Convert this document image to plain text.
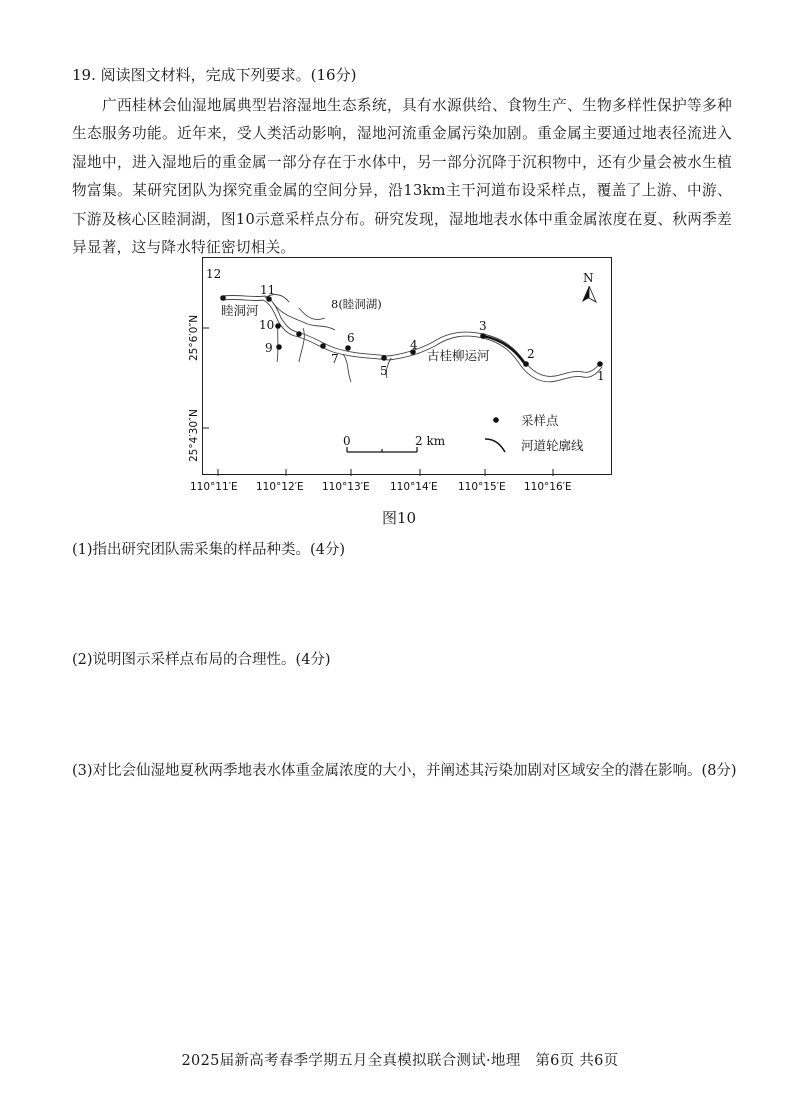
19. 阅读图文材料，完成下列要求。(16分)
广西桂林会仙湿地属典型岩溶湿地生态系统，具有水源供给、食物生产、生物多样性保护等多种生态服务功能。近年来，受人类活动影响，湿地河流重金属污染加剧。重金属主要通过地表径流进入湿地中，进入湿地后的重金属一部分存在于水体中，另一部分沉降于沉积物中，还有少量会被水生植物富集。某研究团队为探究重金属的空间分异，沿13km主干河道布设采样点，覆盖了上游、中游、下游及核心区睦洞湖，图10示意采样点分布。研究发现，湿地地表水体中重金属浓度在夏、秋两季差异显著，这与降水特征密切相关。
12
11
10
9
7
6
5
4
3
2
1
睦洞河	8(睦洞湖)
古桂柳运河
N
0	2 km
采样点
河道轮廓线
25°6′0″N
25°4′30″N
110°11′E 110°12′E 110°13′E 110°14′E 110°15′E 110°16′E
图10
(1)指出研究团队需采集的样品种类。(4分)
(2)说明图示采样点布局的合理性。(4分)
(3)对比会仙湿地夏秋两季地表水体重金属浓度的大小，并阐述其污染加剧对区域安全的潜在影响。(8分)
2025届新高考春季学期五月全真模拟联合测试·地理　第6页 共6页
